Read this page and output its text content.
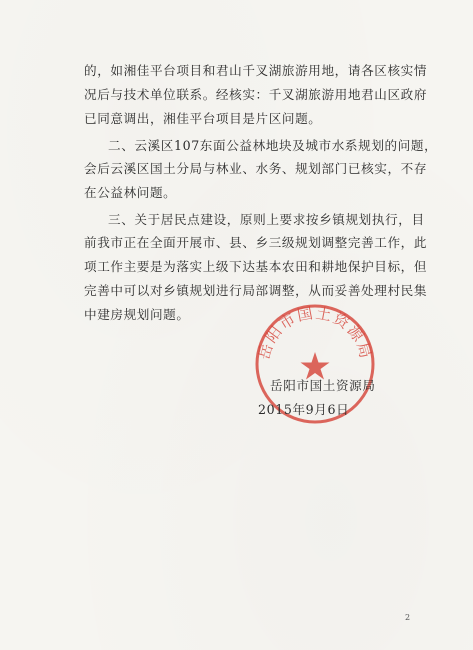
的，如湘佳平台项目和君山千叉湖旅游用地，请各区核实情
况后与技术单位联系。经核实：千叉湖旅游用地君山区政府
已同意调出，湘佳平台项目是片区问题。
二、云溪区107东面公益林地块及城市水系规划的问题，
会后云溪区国土分局与林业、水务、规划部门已核实，不存
在公益林问题。
三、关于居民点建设，原则上要求按乡镇规划执行，目
前我市正在全面开展市、县、乡三级规划调整完善工作，此
项工作主要是为落实上级下达基本农田和耕地保护目标，但
完善中可以对乡镇规划进行局部调整，从而妥善处理村民集
中建房规划问题。
岳阳市国土资源局
岳阳市国土资源局
2015年9月6日
2
